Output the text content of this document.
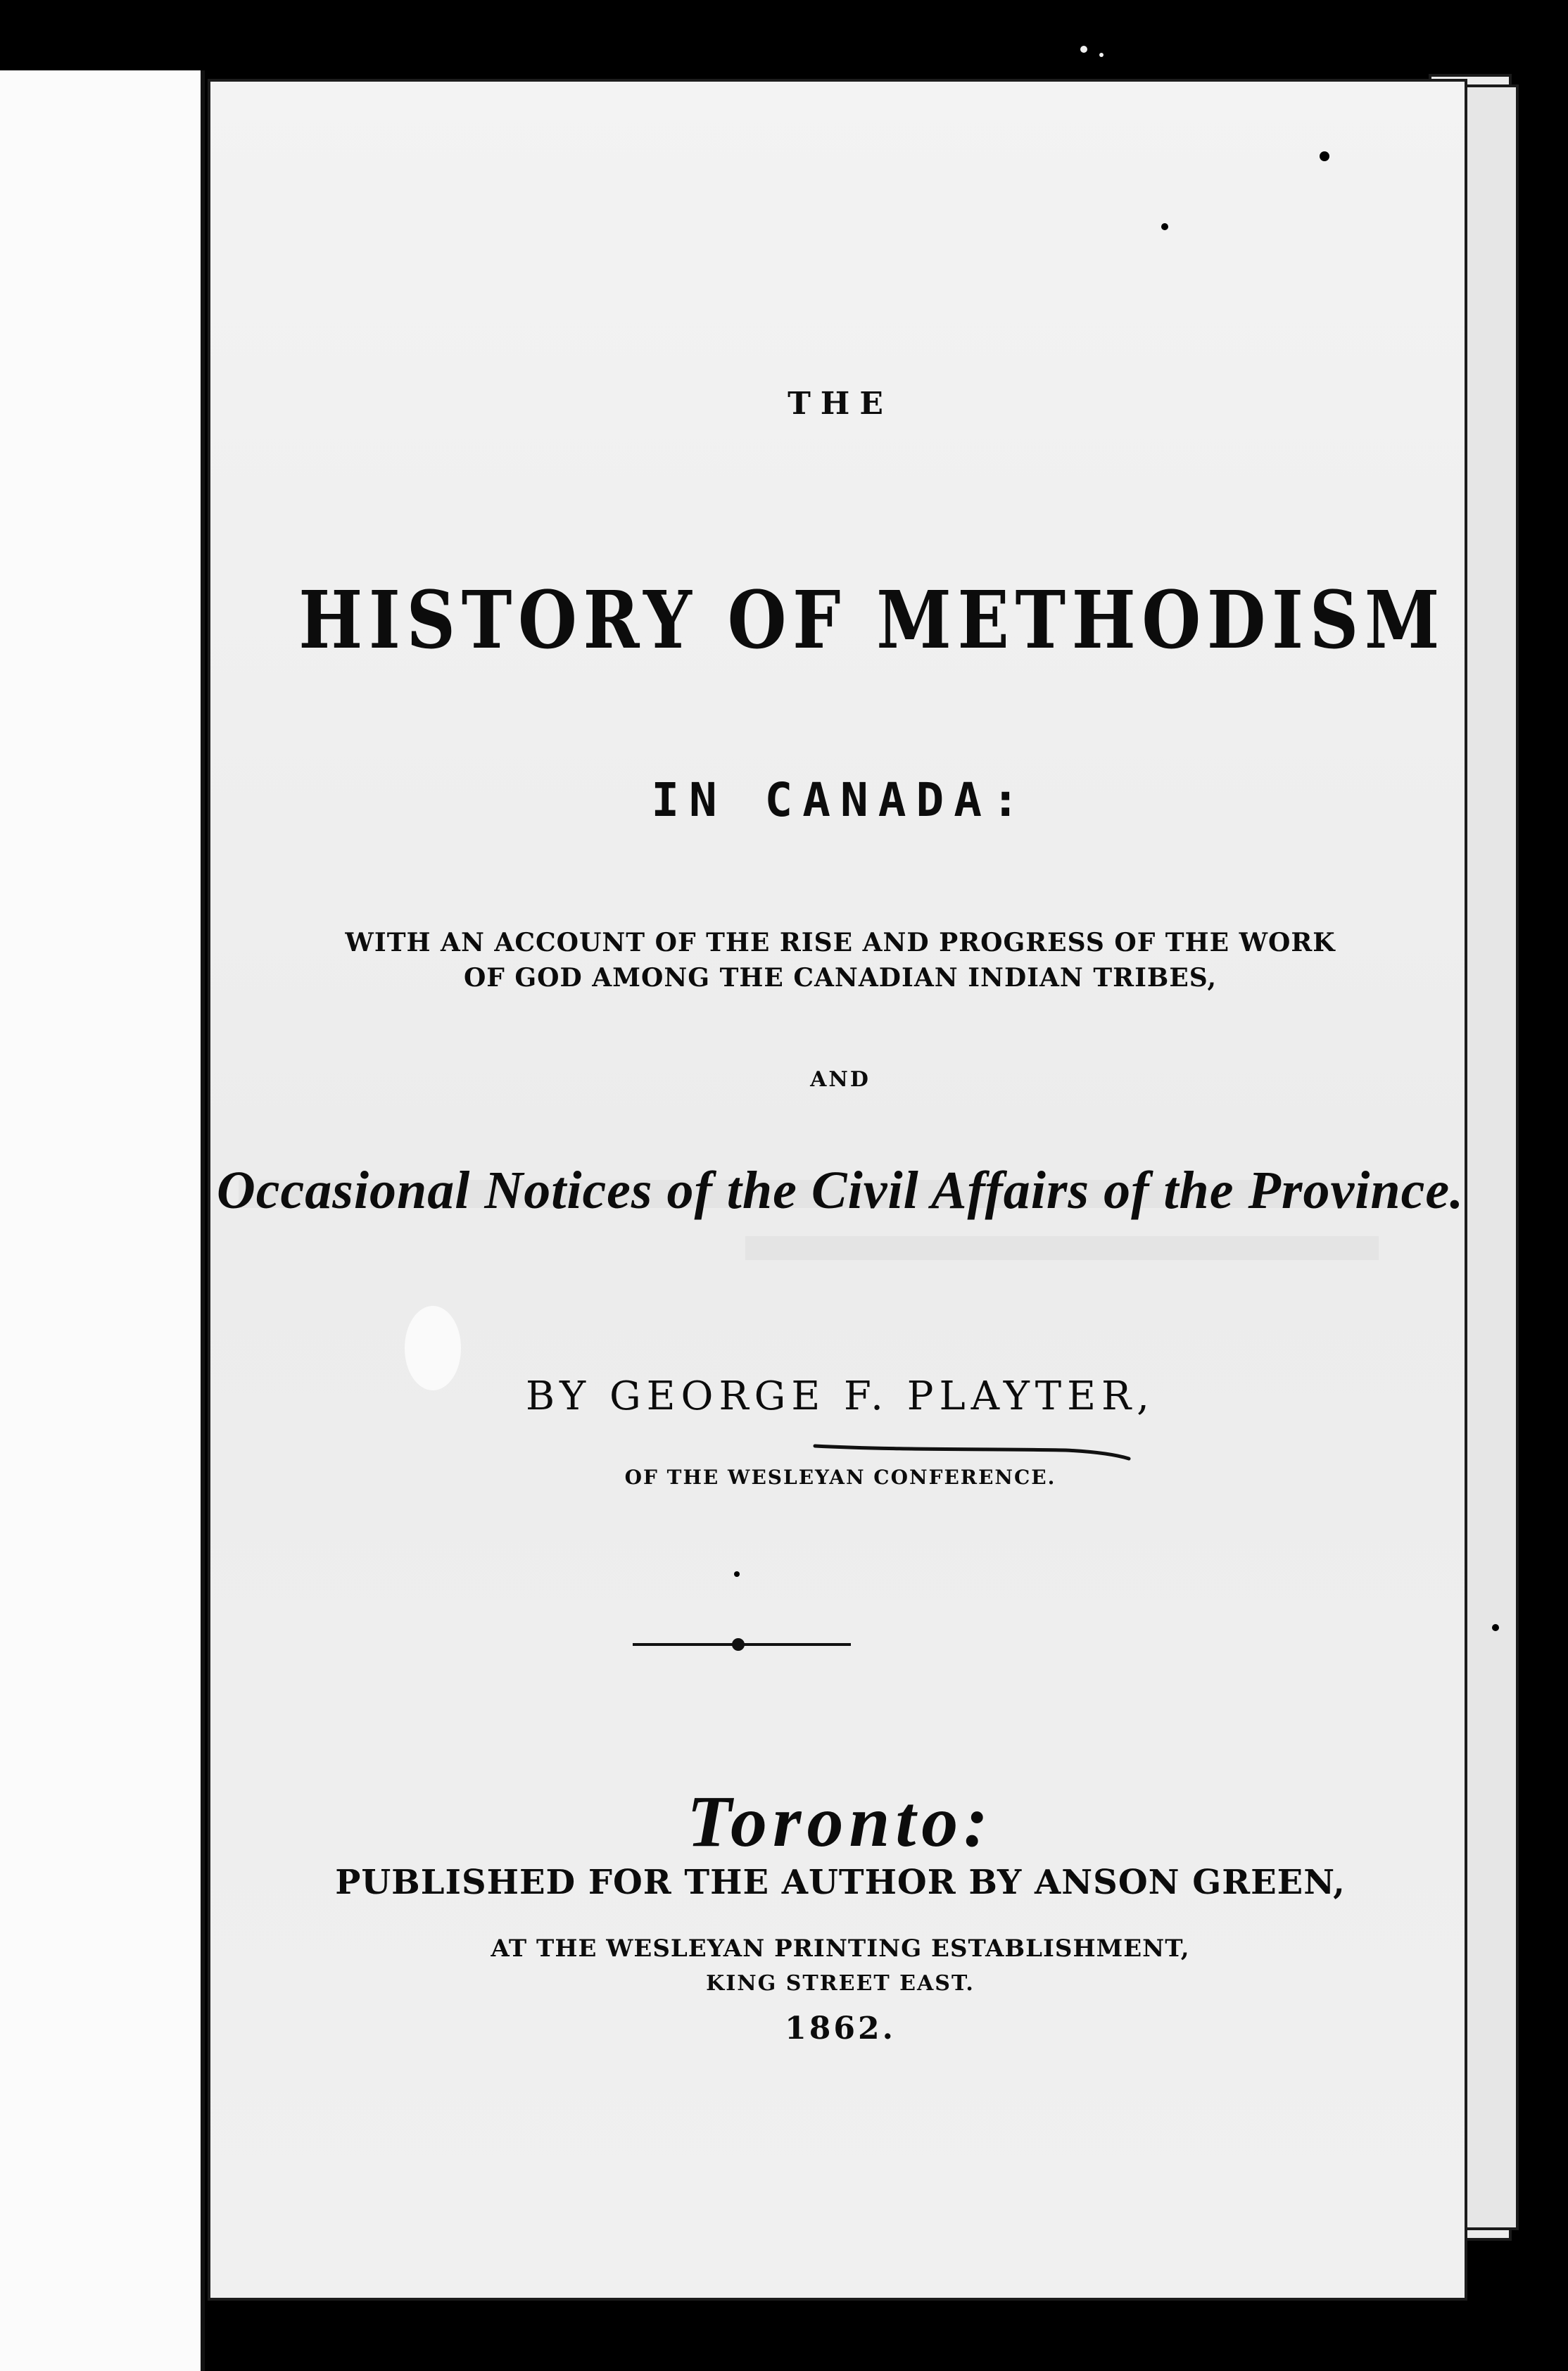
THE
HISTORY OF METHODISM
IN CANADA:
WITH AN ACCOUNT OF THE RISE AND PROGRESS OF THE WORK
OF GOD AMONG THE CANADIAN INDIAN TRIBES,
AND
Occasional Notices of the Civil Affairs of the Province.
BY GEORGE F. PLAYTER,
OF THE WESLEYAN CONFERENCE.
Toronto:
PUBLISHED FOR THE AUTHOR BY ANSON GREEN,
AT THE WESLEYAN PRINTING ESTABLISHMENT,
KING STREET EAST.
1862.
